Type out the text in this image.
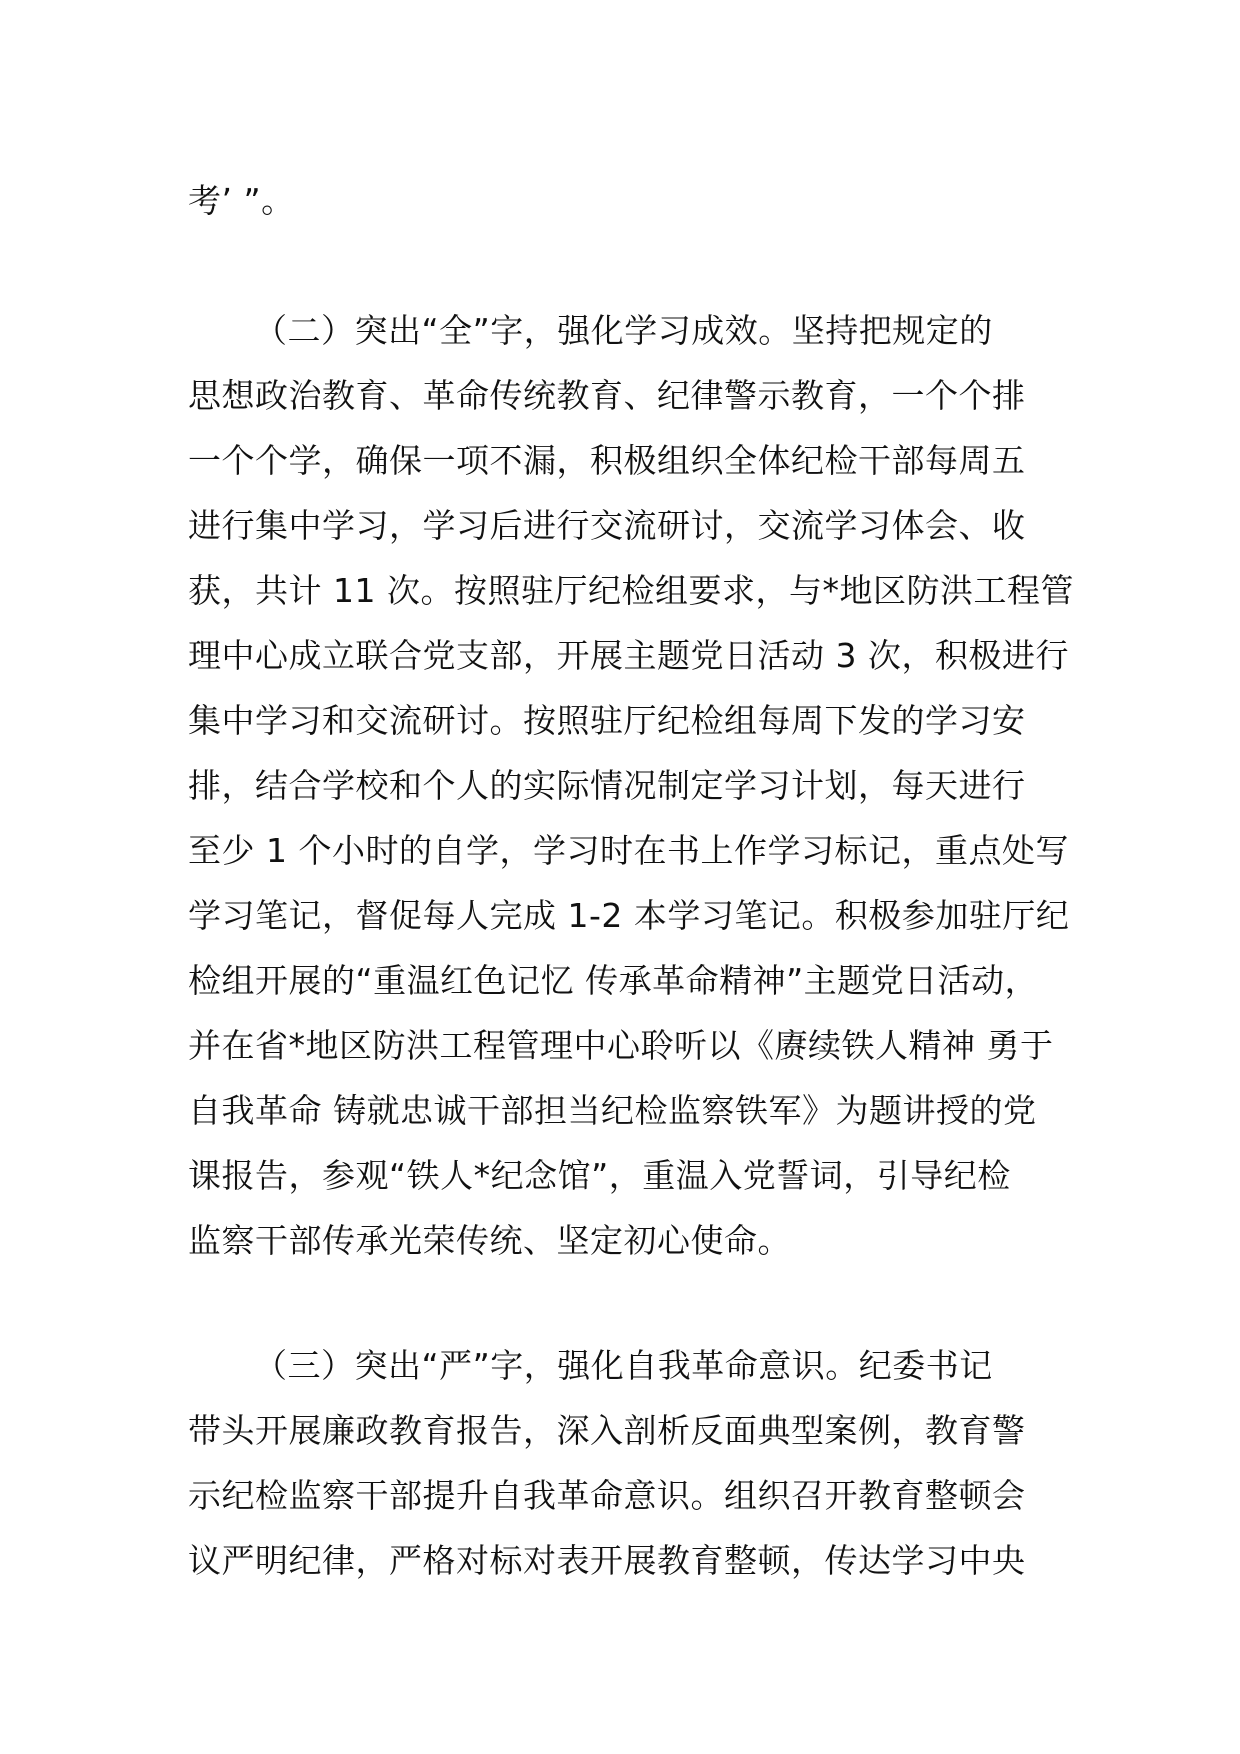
考’ ”。
（二）突出“全”字，强化学习成效。坚持把规定的
思想政治教育、革命传统教育、纪律警示教育，一个个排
一个个学，确保一项不漏，积极组织全体纪检干部每周五
进行集中学习，学习后进行交流研讨，交流学习体会、收
获，共计 11 次。按照驻厅纪检组要求，与*地区防洪工程管
理中心成立联合党支部，开展主题党日活动 3 次，积极进行
集中学习和交流研讨。按照驻厅纪检组每周下发的学习安
排，结合学校和个人的实际情况制定学习计划，每天进行
至少 1 个小时的自学，学习时在书上作学习标记，重点处写
学习笔记，督促每人完成 1-2 本学习笔记。积极参加驻厅纪
检组开展的“重温红色记忆 传承革命精神”主题党日活动，
并在省*地区防洪工程管理中心聆听以《赓续铁人精神 勇于
自我革命 铸就忠诚干部担当纪检监察铁军》为题讲授的党
课报告，参观“铁人*纪念馆”，重温入党誓词，引导纪检
监察干部传承光荣传统、坚定初心使命。
（三）突出“严”字，强化自我革命意识。纪委书记
带头开展廉政教育报告，深入剖析反面典型案例，教育警
示纪检监察干部提升自我革命意识。组织召开教育整顿会
议严明纪律，严格对标对表开展教育整顿，传达学习中央
